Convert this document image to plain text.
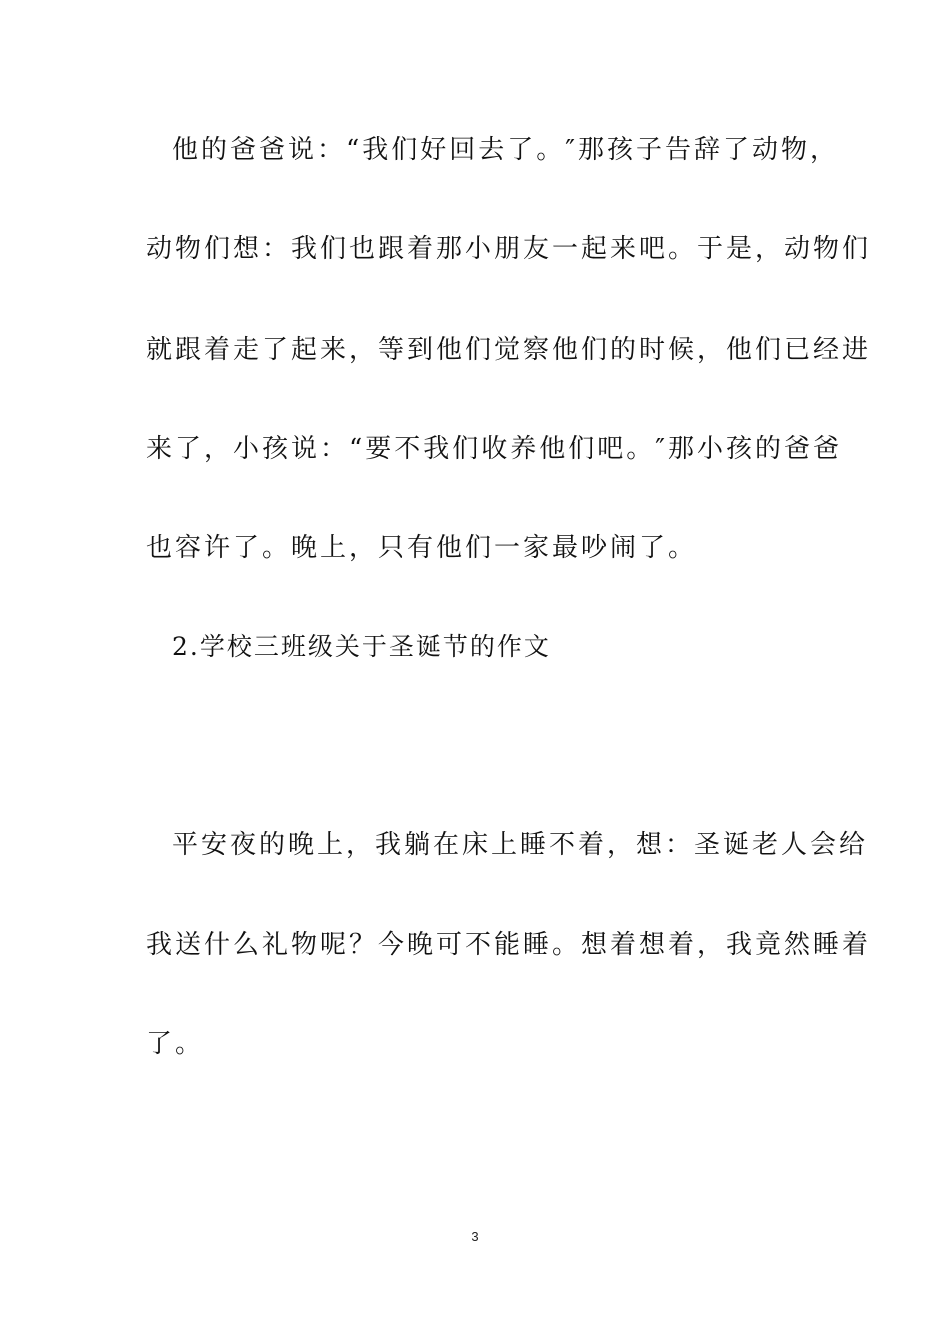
他的爸爸说：“我们好回去了。″那孩子告辞了动物，
动物们想：我们也跟着那小朋友一起来吧。于是，动物们
就跟着走了起来，等到他们觉察他们的时候，他们已经进
来了，小孩说：“要不我们收养他们吧。″那小孩的爸爸
也容许了。晚上，只有他们一家最吵闹了。
2.学校三班级关于圣诞节的作文
平安夜的晚上，我躺在床上睡不着，想：圣诞老人会给
我送什么礼物呢？今晚可不能睡。想着想着，我竟然睡着
了。
3
